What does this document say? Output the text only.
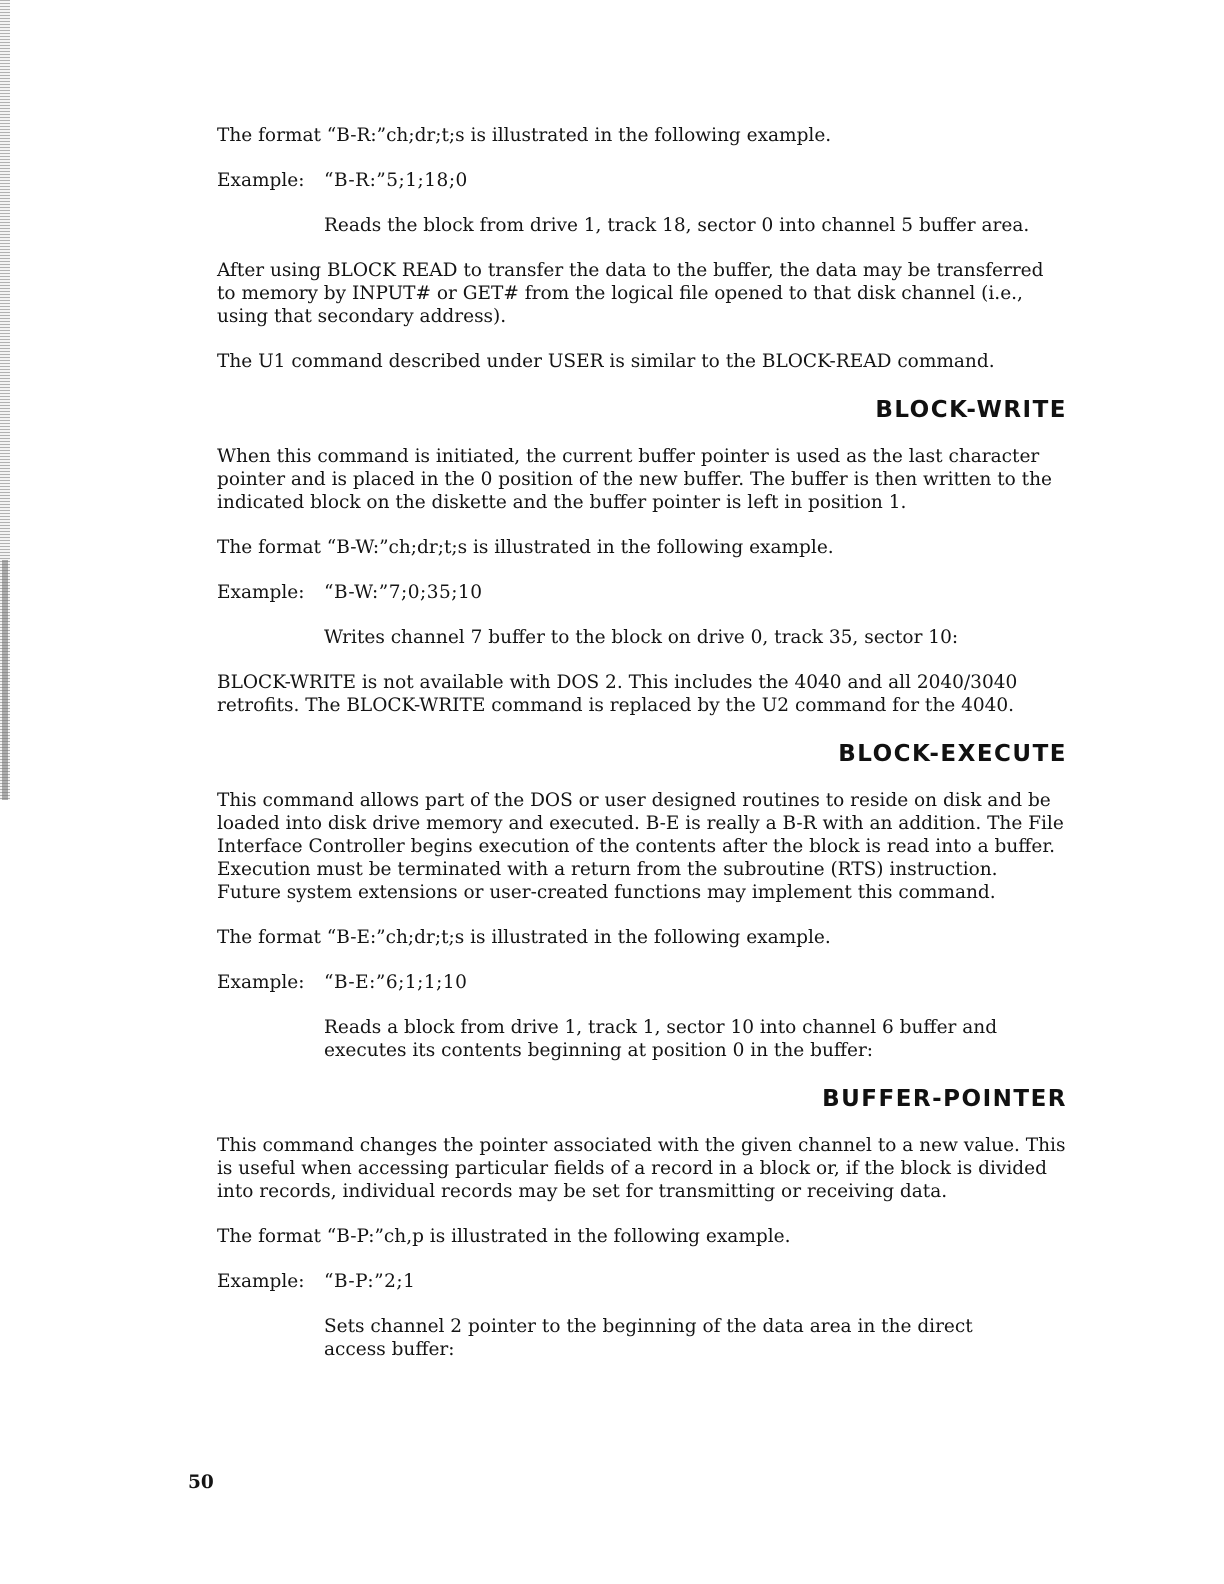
The format “B-R:”ch;dr;t;s is illustrated in the following example.

Example:	“B-R:”5;1;18;0

Reads the block from drive 1, track 18, sector 0 into channel 5 buffer area.

After using BLOCK READ to transfer the data to the buffer, the data may be transferred to memory by INPUT# or GET# from the logical file opened to that disk channel (i.e., using that secondary address).

The U1 command described under USER is similar to the BLOCK-READ command.

BLOCK-WRITE

When this command is initiated, the current buffer pointer is used as the last character pointer and is placed in the 0 position of the new buffer. The buffer is then written to the indicated block on the diskette and the buffer pointer is left in position 1.

The format “B-W:”ch;dr;t;s is illustrated in the following example.

Example:	“B-W:”7;0;35;10

Writes channel 7 buffer to the block on drive 0, track 35, sector 10:

BLOCK-WRITE is not available with DOS 2. This includes the 4040 and all 2040/3040 retrofits. The BLOCK-WRITE command is replaced by the U2 command for the 4040.

BLOCK-EXECUTE

This command allows part of the DOS or user designed routines to reside on disk and be loaded into disk drive memory and executed. B-E is really a B-R with an addition. The File Interface Controller begins execution of the contents after the block is read into a buffer. Execution must be terminated with a return from the subroutine (RTS) instruction. Future system extensions or user-created functions may implement this command.

The format “B-E:”ch;dr;t;s is illustrated in the following example.

Example:	“B-E:”6;1;1;10

Reads a block from drive 1, track 1, sector 10 into channel 6 buffer and executes its contents beginning at position 0 in the buffer:

BUFFER-POINTER

This command changes the pointer associated with the given channel to a new value. This is useful when accessing particular fields of a record in a block or, if the block is divided into records, individual records may be set for transmitting or receiving data.

The format “B-P:”ch,p is illustrated in the following example.

Example:	“B-P:”2;1

Sets channel 2 pointer to the beginning of the data area in the direct access buffer:

50
